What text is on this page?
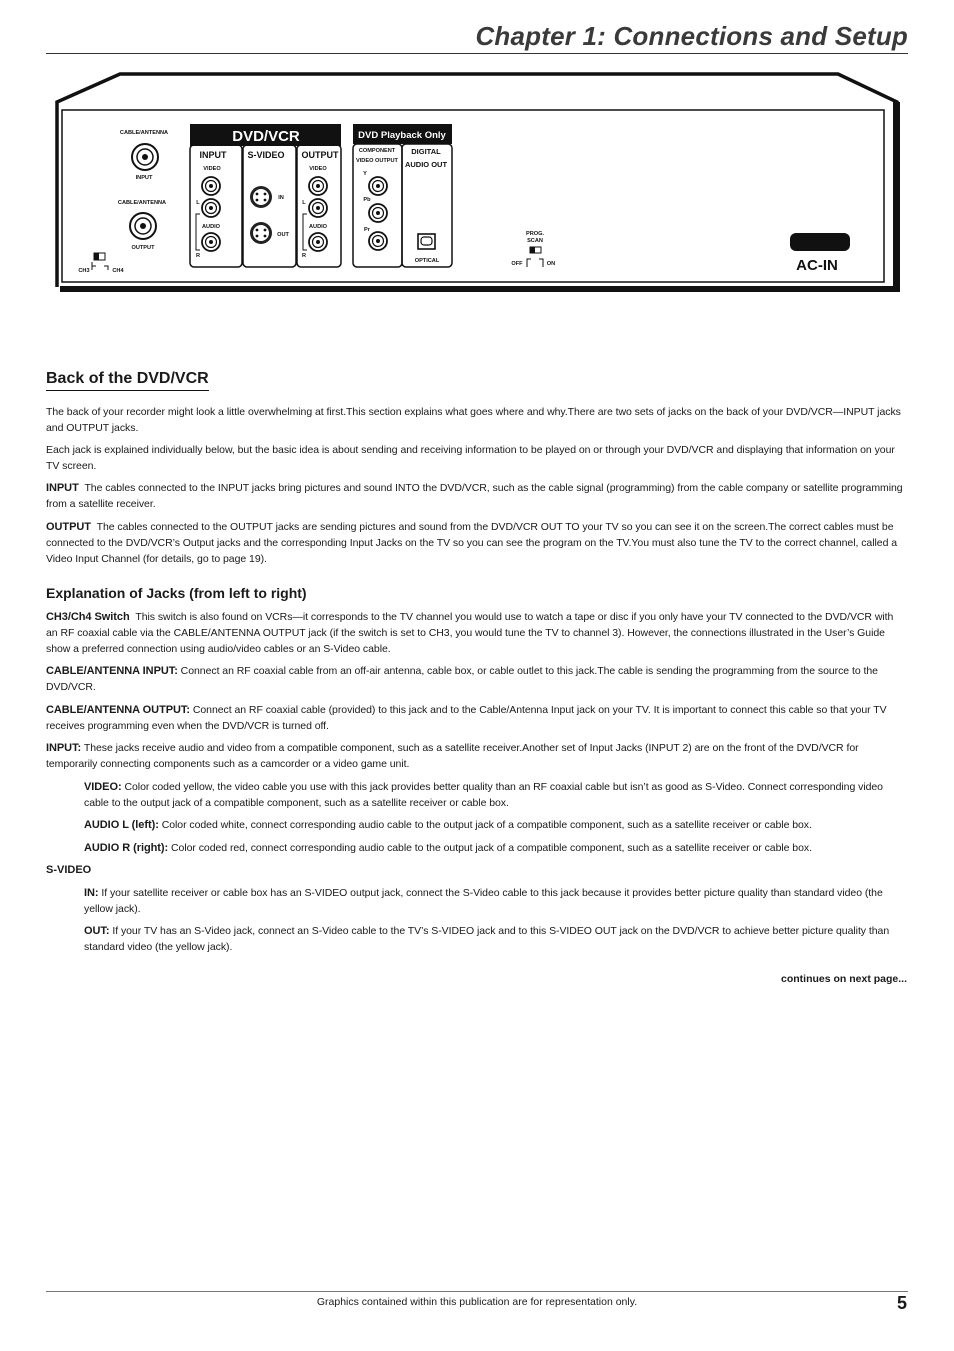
Chapter 1: Connections and Setup
CABLE/ANTENNA
INPUT
CABLE/ANTENNA
OUTPUT
CH3	CH4
DVD/VCR
INPUT
VIDEO
L
AUDIO
R
S-VIDEO
IN
OUT
OUTPUT
VIDEO
L
AUDIO
R
DVD Playback Only
COMPONENT
VIDEO OUTPUT
Y
Pb
Pr
DIGITAL
AUDIO OUT
OPTICAL
PROG.
SCAN
OFF	ON	AC-IN
Back of the DVD/VCR

The back of your recorder might look a little overwhelming at first.This section explains what goes where and why.There are two sets of jacks on the back of your DVD/VCR—INPUT jacks and OUTPUT jacks.

Each jack is explained individually below, but the basic idea is about sending and receiving information to be played on or through your DVD/VCR and displaying that information on your TV screen.

INPUT The cables connected to the INPUT jacks bring pictures and sound INTO the DVD/VCR, such as the cable signal (programming) from the cable company or satellite programming from a satellite receiver.

OUTPUT The cables connected to the OUTPUT jacks are sending pictures and sound from the DVD/VCR OUT TO your TV so you can see it on the screen.The correct cables must be connected to the DVD/VCR’s Output jacks and the corresponding Input Jacks on the TV so you can see the program on the TV.You must also tune the TV to the correct channel, called a Video Input Channel (for details, go to page 19).

Explanation of Jacks (from left to right)

CH3/Ch4 Switch This switch is also found on VCRs—it corresponds to the TV channel you would use to watch a tape or disc if you only have your TV connected to the DVD/VCR with an RF coaxial cable via the CABLE/ANTENNA OUTPUT jack (if the switch is set to CH3, you would tune the TV to channel 3). However, the connections illustrated in the User’s Guide show a preferred connection using audio/video cables or an S-Video cable.

CABLE/ANTENNA INPUT: Connect an RF coaxial cable from an off-air antenna, cable box, or cable outlet to this jack.The cable is sending the programming from the source to the DVD/VCR.

CABLE/ANTENNA OUTPUT: Connect an RF coaxial cable (provided) to this jack and to the Cable/Antenna Input jack on your TV. It is important to connect this cable so that your TV receives programming even when the DVD/VCR is turned off.

INPUT: These jacks receive audio and video from a compatible component, such as a satellite receiver.Another set of Input Jacks (INPUT 2) are on the front of the DVD/VCR for temporarily connecting components such as a camcorder or a video game unit.

VIDEO: Color coded yellow, the video cable you use with this jack provides better quality than an RF coaxial cable but isn’t as good as S-Video. Connect corresponding video cable to the output jack of a compatible component, such as a satellite receiver or cable box.

AUDIO L (left): Color coded white, connect corresponding audio cable to the output jack of a compatible component, such as a satellite receiver or cable box.

AUDIO R (right): Color coded red, connect corresponding audio cable to the output jack of a compatible component, such as a satellite receiver or cable box.

S-VIDEO

IN: If your satellite receiver or cable box has an S-VIDEO output jack, connect the S-Video cable to this jack because it provides better picture quality than standard video (the yellow jack).

OUT: If your TV has an S-Video jack, connect an S-Video cable to the TV’s S-VIDEO jack and to this S-VIDEO OUT jack on the DVD/VCR to achieve better picture quality than standard video (the yellow jack).

continues on next page...

Graphics contained within this publication are for representation only.	5
